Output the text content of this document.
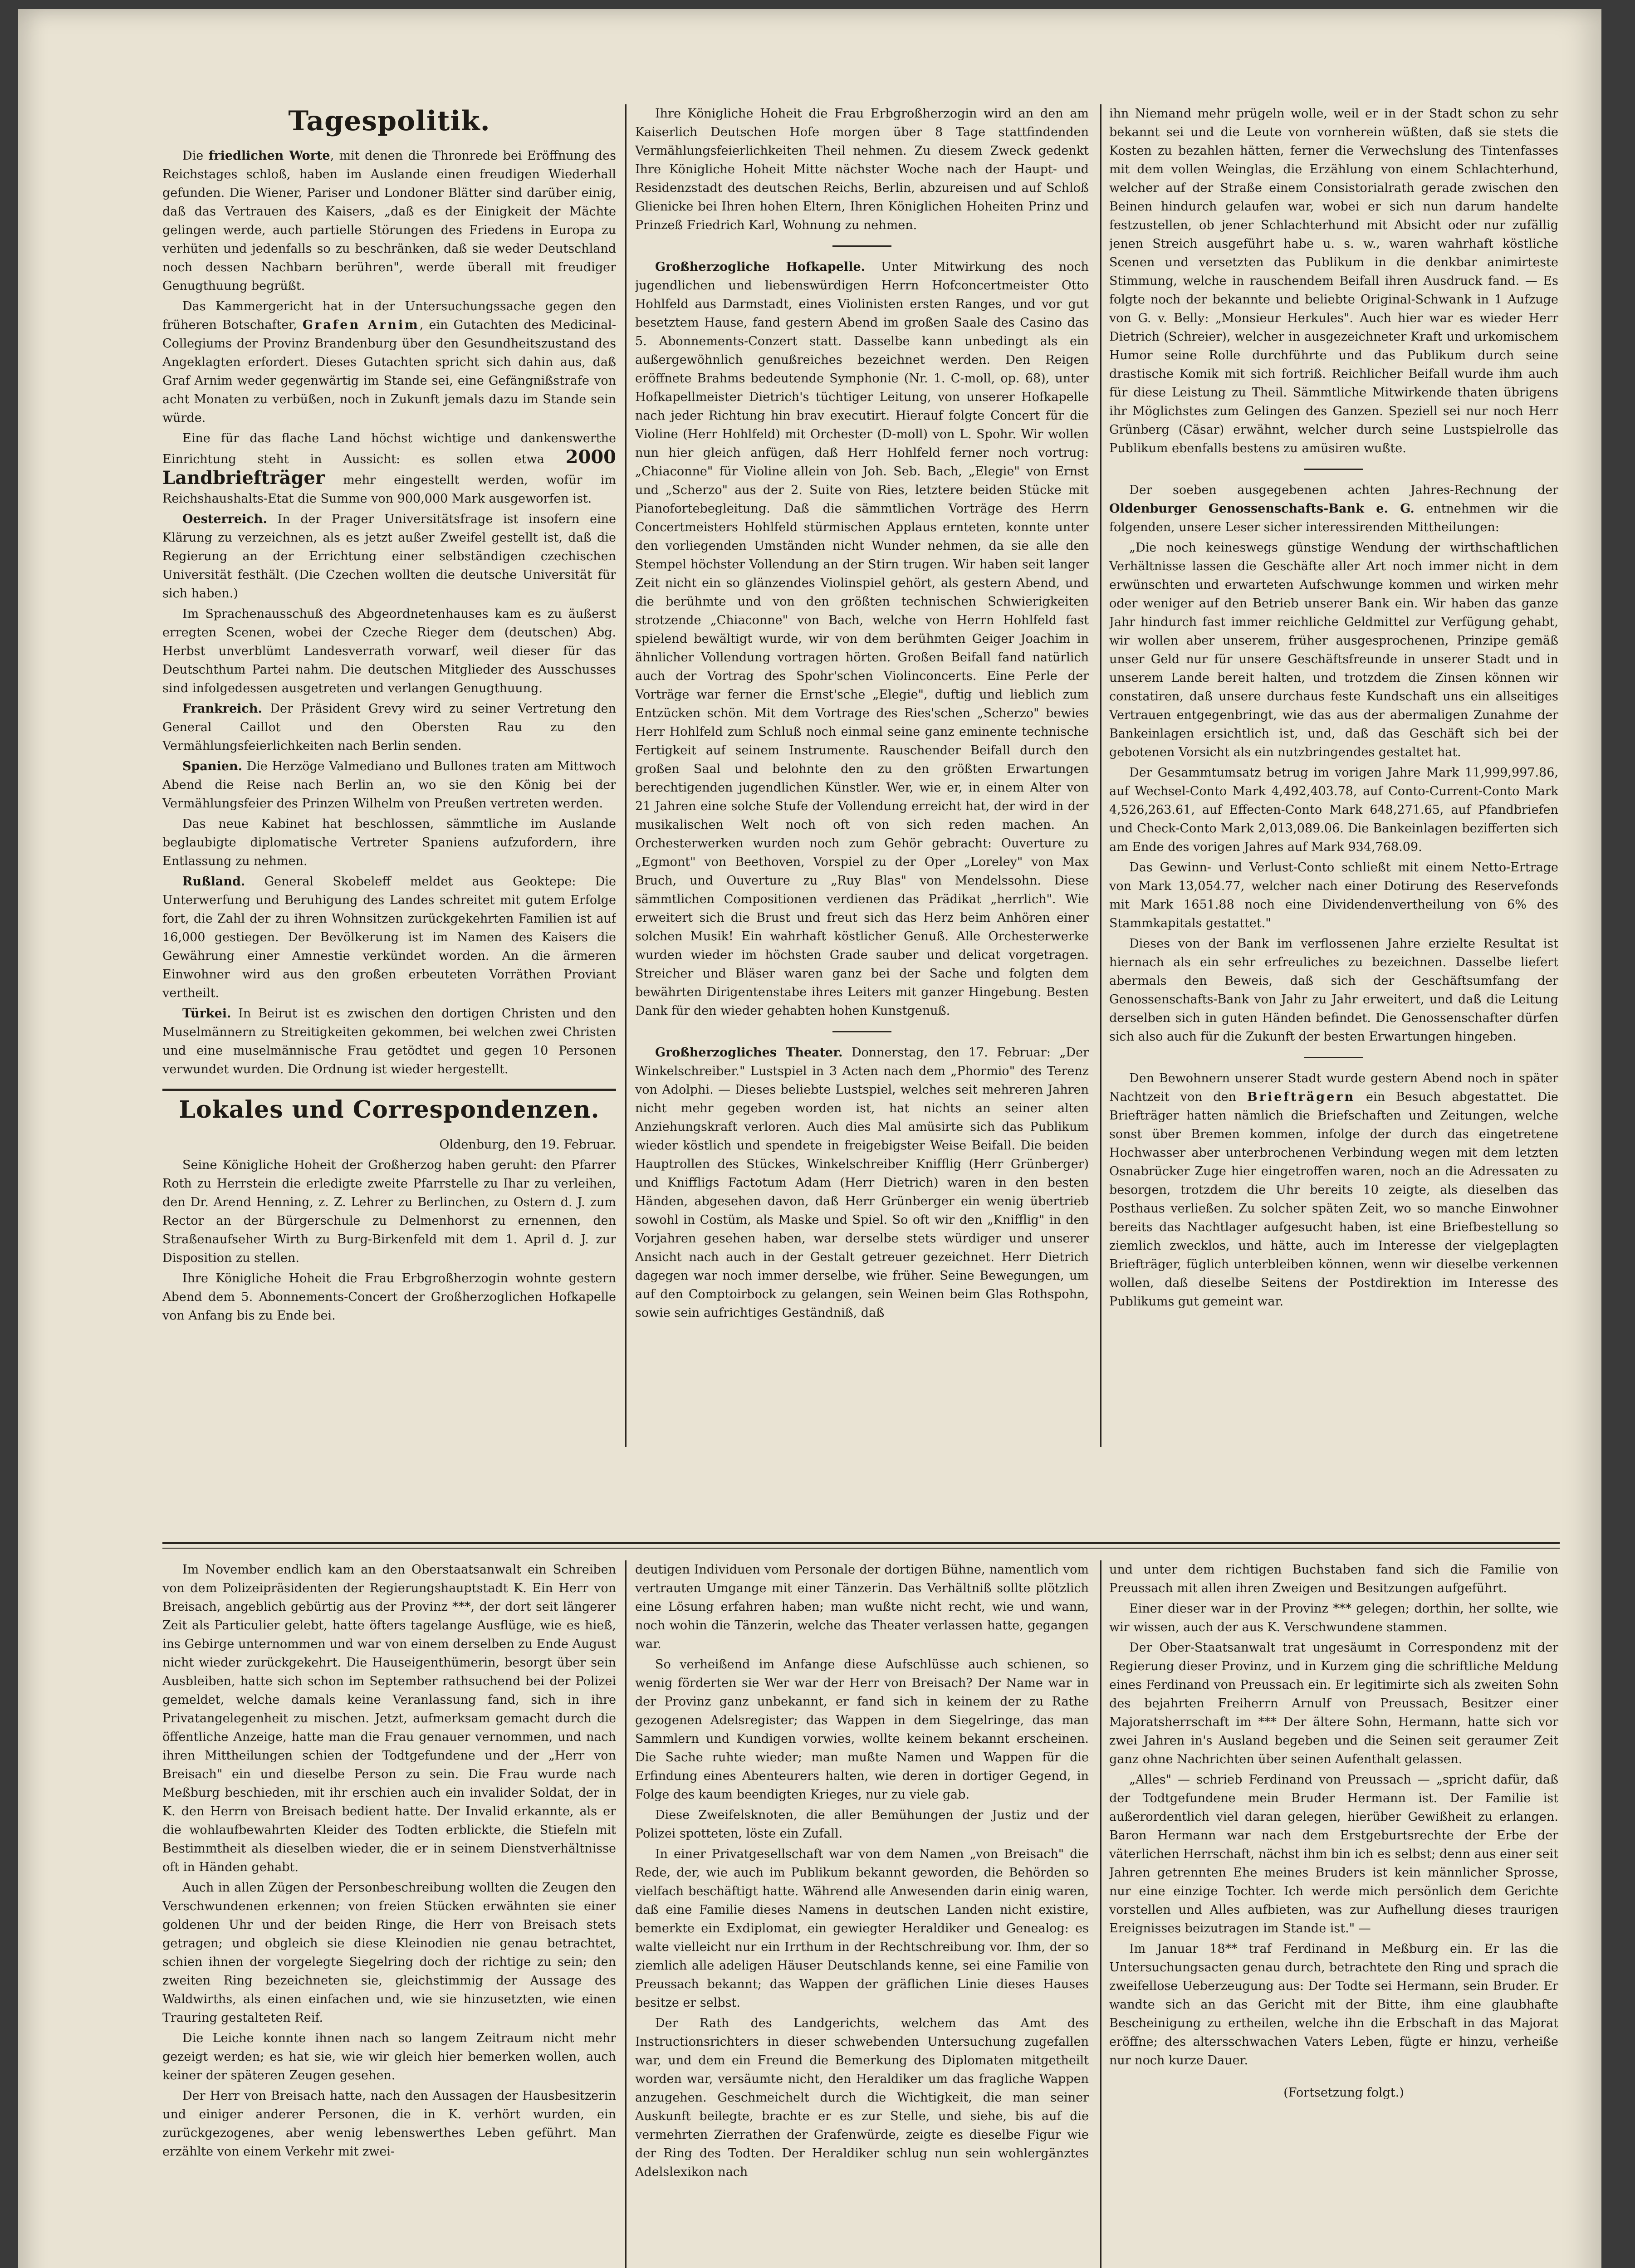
Tagespolitik.

Die friedlichen Worte, mit denen die Thronrede bei Eröffnung des Reichstages schloß, haben im Auslande einen freudigen Wiederhall gefunden. Die Wiener, Pariser und Londoner Blätter sind darüber einig, daß das Vertrauen des Kaisers, „daß es der Einigkeit der Mächte gelingen werde, auch partielle Störungen des Friedens in Europa zu verhüten und jedenfalls so zu beschränken, daß sie weder Deutschland noch dessen Nachbarn berühren", werde überall mit freudiger Genugthuung begrüßt.

Das Kammergericht hat in der Untersuchungssache gegen den früheren Botschafter, Grafen Arnim, ein Gutachten des Medicinal-Collegiums der Provinz Brandenburg über den Gesundheitszustand des Angeklagten erfordert. Dieses Gutachten spricht sich dahin aus, daß Graf Arnim weder gegenwärtig im Stande sei, eine Gefängnißstrafe von acht Monaten zu verbüßen, noch in Zukunft jemals dazu im Stande sein würde.

Eine für das flache Land höchst wichtige und dankenswerthe Einrichtung steht in Aussicht: es sollen etwa 2000 Landbriefträger mehr eingestellt werden, wofür im Reichshaushalts-Etat die Summe von 900,000 Mark ausgeworfen ist.

Oesterreich. In der Prager Universitätsfrage ist insofern eine Klärung zu verzeichnen, als es jetzt außer Zweifel gestellt ist, daß die Regierung an der Errichtung einer selbständigen czechischen Universität festhält. (Die Czechen wollten die deutsche Universität für sich haben.)

Im Sprachenausschuß des Abgeordnetenhauses kam es zu äußerst erregten Scenen, wobei der Czeche Rieger dem (deutschen) Abg. Herbst unverblümt Landesverrath vorwarf, weil dieser für das Deutschthum Partei nahm. Die deutschen Mitglieder des Ausschusses sind infolgedessen ausgetreten und verlangen Genugthuung.

Frankreich. Der Präsident Grevy wird zu seiner Vertretung den General Caillot und den Obersten Rau zu den Vermählungsfeierlichkeiten nach Berlin senden.

Spanien. Die Herzöge Valmediano und Bullones traten am Mittwoch Abend die Reise nach Berlin an, wo sie den König bei der Vermählungsfeier des Prinzen Wilhelm von Preußen vertreten werden.

Das neue Kabinet hat beschlossen, sämmtliche im Auslande beglaubigte diplomatische Vertreter Spaniens aufzufordern, ihre Entlassung zu nehmen.

Rußland. General Skobeleff meldet aus Geoktepe: Die Unterwerfung und Beruhigung des Landes schreitet mit gutem Erfolge fort, die Zahl der zu ihren Wohnsitzen zurückgekehrten Familien ist auf 16,000 gestiegen. Der Bevölkerung ist im Namen des Kaisers die Gewährung einer Amnestie verkündet worden. An die ärmeren Einwohner wird aus den großen erbeuteten Vorräthen Proviant vertheilt.

Türkei. In Beirut ist es zwischen den dortigen Christen und den Muselmännern zu Streitigkeiten gekommen, bei welchen zwei Christen und eine muselmännische Frau getödtet und gegen 10 Personen verwundet wurden. Die Ordnung ist wieder hergestellt.

Lokales und Correspondenzen.

Oldenburg, den 19. Februar.

Seine Königliche Hoheit der Großherzog haben geruht: den Pfarrer Roth zu Herrstein die erledigte zweite Pfarrstelle zu Ihar zu verleihen, den Dr. Arend Henning, z. Z. Lehrer zu Berlinchen, zu Ostern d. J. zum Rector an der Bürgerschule zu Delmenhorst zu ernennen, den Straßenaufseher Wirth zu Burg-Birkenfeld mit dem 1. April d. J. zur Disposition zu stellen.

Ihre Königliche Hoheit die Frau Erbgroßherzogin wohnte gestern Abend dem 5. Abonnements-Concert der Großherzoglichen Hofkapelle von Anfang bis zu Ende bei.

Ihre Königliche Hoheit die Frau Erbgroßherzogin wird an den am Kaiserlich Deutschen Hofe morgen über 8 Tage stattfindenden Vermählungsfeierlichkeiten Theil nehmen. Zu diesem Zweck gedenkt Ihre Königliche Hoheit Mitte nächster Woche nach der Haupt- und Residenzstadt des deutschen Reichs, Berlin, abzureisen und auf Schloß Glienicke bei Ihren hohen Eltern, Ihren Königlichen Hoheiten Prinz und Prinzeß Friedrich Karl, Wohnung zu nehmen.

Großherzogliche Hofkapelle. Unter Mitwirkung des noch jugendlichen und liebenswürdigen Herrn Hofconcertmeister Otto Hohlfeld aus Darmstadt, eines Violinisten ersten Ranges, und vor gut besetztem Hause, fand gestern Abend im großen Saale des Casino das 5. Abonnements-Conzert statt. Dasselbe kann unbedingt als ein außergewöhnlich genußreiches bezeichnet werden. Den Reigen eröffnete Brahms bedeutende Symphonie (Nr. 1. C-moll, op. 68), unter Hofkapellmeister Dietrich's tüchtiger Leitung, von unserer Hofkapelle nach jeder Richtung hin brav executirt. Hierauf folgte Concert für die Violine (Herr Hohlfeld) mit Orchester (D-moll) von L. Spohr. Wir wollen nun hier gleich anfügen, daß Herr Hohlfeld ferner noch vortrug: „Chiaconne" für Violine allein von Joh. Seb. Bach, „Elegie" von Ernst und „Scherzo" aus der 2. Suite von Ries, letztere beiden Stücke mit Pianofortebegleitung. Daß die sämmtlichen Vorträge des Herrn Concertmeisters Hohlfeld stürmischen Applaus ernteten, konnte unter den vorliegenden Umständen nicht Wunder nehmen, da sie alle den Stempel höchster Vollendung an der Stirn trugen. Wir haben seit langer Zeit nicht ein so glänzendes Violinspiel gehört, als gestern Abend, und die berühmte und von den größten technischen Schwierigkeiten strotzende „Chiaconne" von Bach, welche von Herrn Hohlfeld fast spielend bewältigt wurde, wir von dem berühmten Geiger Joachim in ähnlicher Vollendung vortragen hörten. Großen Beifall fand natürlich auch der Vortrag des Spohr'schen Violinconcerts. Eine Perle der Vorträge war ferner die Ernst'sche „Elegie", duftig und lieblich zum Entzücken schön. Mit dem Vortrage des Ries'schen „Scherzo" bewies Herr Hohlfeld zum Schluß noch einmal seine ganz eminente technische Fertigkeit auf seinem Instrumente. Rauschender Beifall durch den großen Saal und belohnte den zu den größten Erwartungen berechtigenden jugendlichen Künstler. Wer, wie er, in einem Alter von 21 Jahren eine solche Stufe der Vollendung erreicht hat, der wird in der musikalischen Welt noch oft von sich reden machen. An Orchesterwerken wurden noch zum Gehör gebracht: Ouverture zu „Egmont" von Beethoven, Vorspiel zu der Oper „Loreley" von Max Bruch, und Ouverture zu „Ruy Blas" von Mendelssohn. Diese sämmtlichen Compositionen verdienen das Prädikat „herrlich". Wie erweitert sich die Brust und freut sich das Herz beim Anhören einer solchen Musik! Ein wahrhaft köstlicher Genuß. Alle Orchesterwerke wurden wieder im höchsten Grade sauber und delicat vorgetragen. Streicher und Bläser waren ganz bei der Sache und folgten dem bewährten Dirigentenstabe ihres Leiters mit ganzer Hingebung. Besten Dank für den wieder gehabten hohen Kunstgenuß.

Großherzogliches Theater. Donnerstag, den 17. Februar: „Der Winkelschreiber." Lustspiel in 3 Acten nach dem „Phormio" des Terenz von Adolphi. — Dieses beliebte Lustspiel, welches seit mehreren Jahren nicht mehr gegeben worden ist, hat nichts an seiner alten Anziehungskraft verloren. Auch dies Mal amüsirte sich das Publikum wieder köstlich und spendete in freigebigster Weise Beifall. Die beiden Hauptrollen des Stückes, Winkelschreiber Knifflig (Herr Grünberger) und Kniffligs Factotum Adam (Herr Dietrich) waren in den besten Händen, abgesehen davon, daß Herr Grünberger ein wenig übertrieb sowohl in Costüm, als Maske und Spiel. So oft wir den „Knifflig" in den Vorjahren gesehen haben, war derselbe stets würdiger und unserer Ansicht nach auch in der Gestalt getreuer gezeichnet. Herr Dietrich dagegen war noch immer derselbe, wie früher. Seine Bewegungen, um auf den Comptoirbock zu gelangen, sein Weinen beim Glas Rothspohn, sowie sein aufrichtiges Geständniß, daß

ihn Niemand mehr prügeln wolle, weil er in der Stadt schon zu sehr bekannt sei und die Leute von vornherein wüßten, daß sie stets die Kosten zu bezahlen hätten, ferner die Verwechslung des Tintenfasses mit dem vollen Weinglas, die Erzählung von einem Schlachterhund, welcher auf der Straße einem Consistorialrath gerade zwischen den Beinen hindurch gelaufen war, wobei er sich nun darum handelte festzustellen, ob jener Schlachterhund mit Absicht oder nur zufällig jenen Streich ausgeführt habe u. s. w., waren wahrhaft köstliche Scenen und versetzten das Publikum in die denkbar animirteste Stimmung, welche in rauschendem Beifall ihren Ausdruck fand. — Es folgte noch der bekannte und beliebte Original-Schwank in 1 Aufzuge von G. v. Belly: „Monsieur Herkules". Auch hier war es wieder Herr Dietrich (Schreier), welcher in ausgezeichneter Kraft und urkomischem Humor seine Rolle durchführte und das Publikum durch seine drastische Komik mit sich fortriß. Reichlicher Beifall wurde ihm auch für diese Leistung zu Theil. Sämmtliche Mitwirkende thaten übrigens ihr Möglichstes zum Gelingen des Ganzen. Speziell sei nur noch Herr Grünberg (Cäsar) erwähnt, welcher durch seine Lustspielrolle das Publikum ebenfalls bestens zu amüsiren wußte.

Der soeben ausgegebenen achten Jahres-Rechnung der Oldenburger Genossenschafts-Bank e. G. entnehmen wir die folgenden, unsere Leser sicher interessirenden Mittheilungen:

„Die noch keineswegs günstige Wendung der wirthschaftlichen Verhältnisse lassen die Geschäfte aller Art noch immer nicht in dem erwünschten und erwarteten Aufschwunge kommen und wirken mehr oder weniger auf den Betrieb unserer Bank ein. Wir haben das ganze Jahr hindurch fast immer reichliche Geldmittel zur Verfügung gehabt, wir wollen aber unserem, früher ausgesprochenen, Prinzipe gemäß unser Geld nur für unsere Geschäftsfreunde in unserer Stadt und in unserem Lande bereit halten, und trotzdem die Zinsen können wir constatiren, daß unsere durchaus feste Kundschaft uns ein allseitiges Vertrauen entgegenbringt, wie das aus der abermaligen Zunahme der Bankeinlagen ersichtlich ist, und, daß das Geschäft sich bei der gebotenen Vorsicht als ein nutzbringendes gestaltet hat.

Der Gesammtumsatz betrug im vorigen Jahre Mark 11,999,997.86, auf Wechsel-Conto Mark 4,492,403.78, auf Conto-Current-Conto Mark 4,526,263.61, auf Effecten-Conto Mark 648,271.65, auf Pfandbriefen und Check-Conto Mark 2,013,089.06. Die Bankeinlagen bezifferten sich am Ende des vorigen Jahres auf Mark 934,768.09.

Das Gewinn- und Verlust-Conto schließt mit einem Netto-Ertrage von Mark 13,054.77, welcher nach einer Dotirung des Reservefonds mit Mark 1651.88 noch eine Dividendenvertheilung von 6% des Stammkapitals gestattet."

Dieses von der Bank im verflossenen Jahre erzielte Resultat ist hiernach als ein sehr erfreuliches zu bezeichnen. Dasselbe liefert abermals den Beweis, daß sich der Geschäftsumfang der Genossenschafts-Bank von Jahr zu Jahr erweitert, und daß die Leitung derselben sich in guten Händen befindet. Die Genossenschafter dürfen sich also auch für die Zukunft der besten Erwartungen hingeben.

Den Bewohnern unserer Stadt wurde gestern Abend noch in später Nachtzeit von den Briefträgern ein Besuch abgestattet. Die Briefträger hatten nämlich die Briefschaften und Zeitungen, welche sonst über Bremen kommen, infolge der durch das eingetretene Hochwasser aber unterbrochenen Verbindung wegen mit dem letzten Osnabrücker Zuge hier eingetroffen waren, noch an die Adressaten zu besorgen, trotzdem die Uhr bereits 10 zeigte, als dieselben das Posthaus verließen. Zu solcher späten Zeit, wo so manche Einwohner bereits das Nachtlager aufgesucht haben, ist eine Briefbestellung so ziemlich zwecklos, und hätte, auch im Interesse der vielgeplagten Briefträger, füglich unterbleiben können, wenn wir dieselbe verkennen wollen, daß dieselbe Seitens der Postdirektion im Interesse des Publikums gut gemeint war.

Im November endlich kam an den Oberstaatsanwalt ein Schreiben von dem Polizeipräsidenten der Regierungshauptstadt K. Ein Herr von Breisach, angeblich gebürtig aus der Provinz ***, der dort seit längerer Zeit als Particulier gelebt, hatte öfters tagelange Ausflüge, wie es hieß, ins Gebirge unternommen und war von einem derselben zu Ende August nicht wieder zurückgekehrt. Die Hauseigenthümerin, besorgt über sein Ausbleiben, hatte sich schon im September rathsuchend bei der Polizei gemeldet, welche damals keine Veranlassung fand, sich in ihre Privatangelegenheit zu mischen. Jetzt, aufmerksam gemacht durch die öffentliche Anzeige, hatte man die Frau genauer vernommen, und nach ihren Mittheilungen schien der Todtgefundene und der „Herr von Breisach" ein und dieselbe Person zu sein. Die Frau wurde nach Meßburg beschieden, mit ihr erschien auch ein invalider Soldat, der in K. den Herrn von Breisach bedient hatte. Der Invalid erkannte, als er die wohlaufbewahrten Kleider des Todten erblickte, die Stiefeln mit Bestimmtheit als dieselben wieder, die er in seinem Dienstverhältnisse oft in Händen gehabt.

Auch in allen Zügen der Personbeschreibung wollten die Zeugen den Verschwundenen erkennen; von freien Stücken erwähnten sie einer goldenen Uhr und der beiden Ringe, die Herr von Breisach stets getragen; und obgleich sie diese Kleinodien nie genau betrachtet, schien ihnen der vorgelegte Siegelring doch der richtige zu sein; den zweiten Ring bezeichneten sie, gleichstimmig der Aussage des Waldwirths, als einen einfachen und, wie sie hinzusetzten, wie einen Trauring gestalteten Reif.

Die Leiche konnte ihnen nach so langem Zeitraum nicht mehr gezeigt werden; es hat sie, wie wir gleich hier bemerken wollen, auch keiner der späteren Zeugen gesehen.

Der Herr von Breisach hatte, nach den Aussagen der Hausbesitzerin und einiger anderer Personen, die in K. verhört wurden, ein zurückgezogenes, aber wenig lebenswerthes Leben geführt. Man erzählte von einem Verkehr mit zwei-

deutigen Individuen vom Personale der dortigen Bühne, namentlich vom vertrauten Umgange mit einer Tänzerin. Das Verhältniß sollte plötzlich eine Lösung erfahren haben; man wußte nicht recht, wie und wann, noch wohin die Tänzerin, welche das Theater verlassen hatte, gegangen war.

So verheißend im Anfange diese Aufschlüsse auch schienen, so wenig förderten sie Wer war der Herr von Breisach? Der Name war in der Provinz ganz unbekannt, er fand sich in keinem der zu Rathe gezogenen Adelsregister; das Wappen in dem Siegelringe, das man Sammlern und Kundigen vorwies, wollte keinem bekannt erscheinen. Die Sache ruhte wieder; man mußte Namen und Wappen für die Erfindung eines Abenteurers halten, wie deren in dortiger Gegend, in Folge des kaum beendigten Krieges, nur zu viele gab.

Diese Zweifelsknoten, die aller Bemühungen der Justiz und der Polizei spotteten, löste ein Zufall.

In einer Privatgesellschaft war von dem Namen „von Breisach" die Rede, der, wie auch im Publikum bekannt geworden, die Behörden so vielfach beschäftigt hatte. Während alle Anwesenden darin einig waren, daß eine Familie dieses Namens in deutschen Landen nicht existire, bemerkte ein Exdiplomat, ein gewiegter Heraldiker und Genealog: es walte vielleicht nur ein Irrthum in der Rechtschreibung vor. Ihm, der so ziemlich alle adeligen Häuser Deutschlands kenne, sei eine Familie von Preussach bekannt; das Wappen der gräflichen Linie dieses Hauses besitze er selbst.

Der Rath des Landgerichts, welchem das Amt des Instructionsrichters in dieser schwebenden Untersuchung zugefallen war, und dem ein Freund die Bemerkung des Diplomaten mitgetheilt worden war, versäumte nicht, den Heraldiker um das fragliche Wappen anzugehen. Geschmeichelt durch die Wichtigkeit, die man seiner Auskunft beilegte, brachte er es zur Stelle, und siehe, bis auf die vermehrten Zierrathen der Grafenwürde, zeigte es dieselbe Figur wie der Ring des Todten. Der Heraldiker schlug nun sein wohlergänztes Adelslexikon nach

und unter dem richtigen Buchstaben fand sich die Familie von Preussach mit allen ihren Zweigen und Besitzungen aufgeführt.

Einer dieser war in der Provinz *** gelegen; dorthin, her sollte, wie wir wissen, auch der aus K. Verschwundene stammen.

Der Ober-Staatsanwalt trat ungesäumt in Correspondenz mit der Regierung dieser Provinz, und in Kurzem ging die schriftliche Meldung eines Ferdinand von Preussach ein. Er legitimirte sich als zweiten Sohn des bejahrten Freiherrn Arnulf von Preussach, Besitzer einer Majoratsherrschaft im *** Der ältere Sohn, Hermann, hatte sich vor zwei Jahren in's Ausland begeben und die Seinen seit geraumer Zeit ganz ohne Nachrichten über seinen Aufenthalt gelassen.

„Alles" — schrieb Ferdinand von Preussach — „spricht dafür, daß der Todtgefundene mein Bruder Hermann ist. Der Familie ist außerordentlich viel daran gelegen, hierüber Gewißheit zu erlangen. Baron Hermann war nach dem Erstgeburtsrechte der Erbe der väterlichen Herrschaft, nächst ihm bin ich es selbst; denn aus einer seit Jahren getrennten Ehe meines Bruders ist kein männlicher Sprosse, nur eine einzige Tochter. Ich werde mich persönlich dem Gerichte vorstellen und Alles aufbieten, was zur Aufhellung dieses traurigen Ereignisses beizutragen im Stande ist." —

Im Januar 18** traf Ferdinand in Meßburg ein. Er las die Untersuchungsacten genau durch, betrachtete den Ring und sprach die zweifellose Ueberzeugung aus: Der Todte sei Hermann, sein Bruder. Er wandte sich an das Gericht mit der Bitte, ihm eine glaubhafte Bescheinigung zu ertheilen, welche ihn die Erbschaft in das Majorat eröffne; des altersschwachen Vaters Leben, fügte er hinzu, verheiße nur noch kurze Dauer.

(Fortsetzung folgt.)
